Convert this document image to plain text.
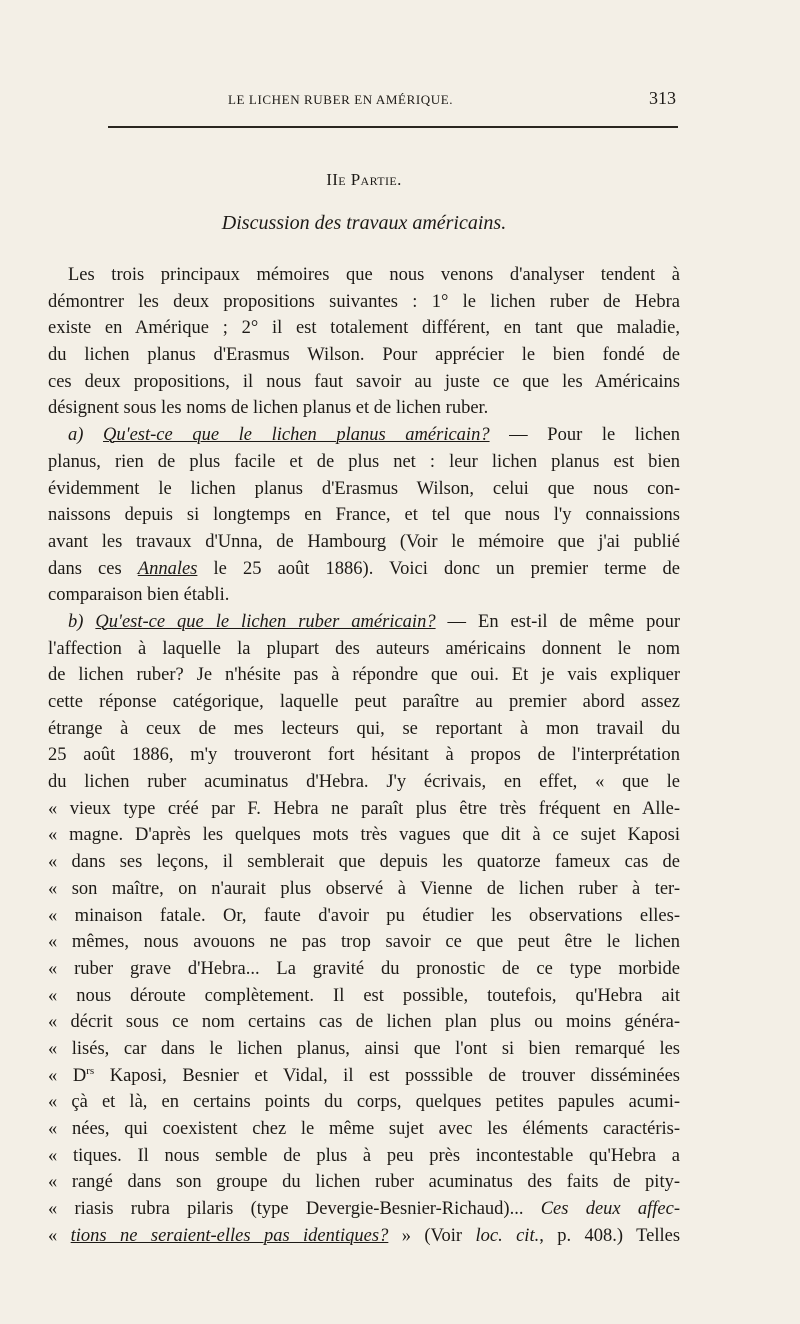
LE LICHEN RUBER EN AMÉRIQUE.	313
IIe Partie.
Discussion des travaux américains.
Les trois principaux mémoires que nous venons d'analyser tendent à
démontrer les deux propositions suivantes : 1° le lichen ruber de Hebra
existe en Amérique ; 2° il est totalement différent, en tant que maladie,
du lichen planus d'Erasmus Wilson. Pour apprécier le bien fondé de
ces deux propositions, il nous faut savoir au juste ce que les Américains
désignent sous les noms de lichen planus et de lichen ruber.
a) Qu'est-ce que le lichen planus américain? — Pour le lichen
planus, rien de plus facile et de plus net : leur lichen planus est bien
évidemment le lichen planus d'Erasmus Wilson, celui que nous con-
naissons depuis si longtemps en France, et tel que nous l'y connaissions
avant les travaux d'Unna, de Hambourg (Voir le mémoire que j'ai publié
dans ces Annales le 25 août 1886). Voici donc un premier terme de
comparaison bien établi.
b) Qu'est-ce que le lichen ruber américain? — En est-il de même pour
l'affection à laquelle la plupart des auteurs américains donnent le nom
de lichen ruber? Je n'hésite pas à répondre que oui. Et je vais expliquer
cette réponse catégorique, laquelle peut paraître au premier abord assez
étrange à ceux de mes lecteurs qui, se reportant à mon travail du
25 août 1886, m'y trouveront fort hésitant à propos de l'interprétation
du lichen ruber acuminatus d'Hebra. J'y écrivais, en effet, « que le
« vieux type créé par F. Hebra ne paraît plus être très fréquent en Alle-
« magne. D'après les quelques mots très vagues que dit à ce sujet Kaposi
« dans ses leçons, il semblerait que depuis les quatorze fameux cas de
« son maître, on n'aurait plus observé à Vienne de lichen ruber à ter-
« minaison fatale. Or, faute d'avoir pu étudier les observations elles-
« mêmes, nous avouons ne pas trop savoir ce que peut être le lichen
« ruber grave d'Hebra... La gravité du pronostic de ce type morbide
« nous déroute complètement. Il est possible, toutefois, qu'Hebra ait
« décrit sous ce nom certains cas de lichen plan plus ou moins généra-
« lisés, car dans le lichen planus, ainsi que l'ont si bien remarqué les
« $D^{rs}$ Kaposi, Besnier et Vidal, il est posssible de trouver disséminées
« çà et là, en certains points du corps, quelques petites papules acumi-
« nées, qui coexistent chez le même sujet avec les éléments caractéris-
« tiques. Il nous semble de plus à peu près incontestable qu'Hebra a
« rangé dans son groupe du lichen ruber acuminatus des faits de pity-
« riasis rubra pilaris (type Devergie-Besnier-Richaud)... Ces deux affec-
« tions ne seraient-elles pas identiques? » (Voir loc. cit., p. 408.) Telles
